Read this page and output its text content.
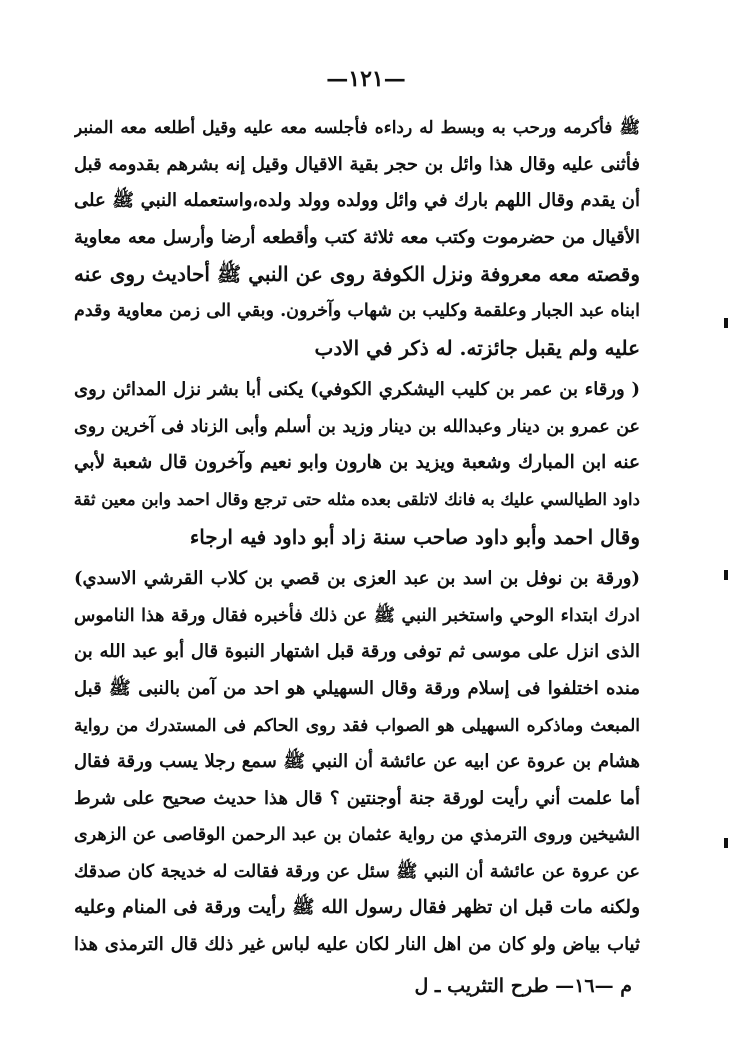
—١٢١—
ﷺ فأكرمه ورحب به وبسط له رداءه فأجلسه معه عليه وقيل أطلعه معه المنبر
فأثنى عليه وقال هذا وائل بن حجر بقية الاقيال وقيل إنه بشرهم بقدومه قبل
أن يقدم وقال اللهم بارك في وائل وولده وولد ولده،واستعمله النبي ﷺ على
الأقيال من حضرموت وكتب معه ثلاثة كتب وأقطعه أرضا وأرسل معه معاوية
وقصته معه معروفة ونزل الكوفة روى عن النبي ﷺ أحاديث روى عنه
ابناه عبد الجبار وعلقمة وكليب بن شهاب وآخرون. وبقي الى زمن معاوية وقدم
عليه ولم يقبل جائزته. له ذكر في الادب
( ورقاء بن عمر بن كليب اليشكري الكوفي) يكنى أبا بشر نزل المدائن روى
عن عمرو بن دينار وعبدالله بن دينار وزيد بن أسلم وأبى الزناد فى آخرين روى
عنه ابن المبارك وشعبة ويزيد بن هارون وابو نعيم وآخرون قال شعبة لأبي
داود الطيالسي عليك به فانك لاتلقى بعده مثله حتى ترجع وقال احمد وابن معين ثقة
وقال احمد وأبو داود صاحب سنة زاد أبو داود فيه ارجاء
(ورقة بن نوفل بن اسد بن عبد العزى بن قصي بن كلاب القرشي الاسدي)
ادرك ابتداء الوحي واستخبر النبي ﷺ عن ذلك فأخبره فقال ورقة هذا الناموس
الذى انزل على موسى ثم توفى ورقة قبل اشتهار النبوة قال أبو عبد الله بن
منده اختلفوا فى إسلام ورقة وقال السهيلي هو احد من آمن بالنبى ﷺ قبل
المبعث وماذكره السهيلى هو الصواب فقد روى الحاكم فى المستدرك من رواية
هشام بن عروة عن ابيه عن عائشة أن النبي ﷺ سمع رجلا يسب ورقة فقال
أما علمت أني رأيت لورقة جنة أوجنتين ؟ قال هذا حديث صحيح على شرط
الشيخين وروى الترمذي من رواية عثمان بن عبد الرحمن الوقاصى عن الزهرى
عن عروة عن عائشة أن النبي ﷺ سئل عن ورقة فقالت له خديجة كان صدقك
ولكنه مات قبل ان تظهر فقال رسول الله ﷺ رأيت ورقة فى المنام وعليه
ثياب بياض ولو كان من اهل النار لكان عليه لباس غير ذلك قال الترمذى هذا
م —١٦— طرح التثريب ـ ل
